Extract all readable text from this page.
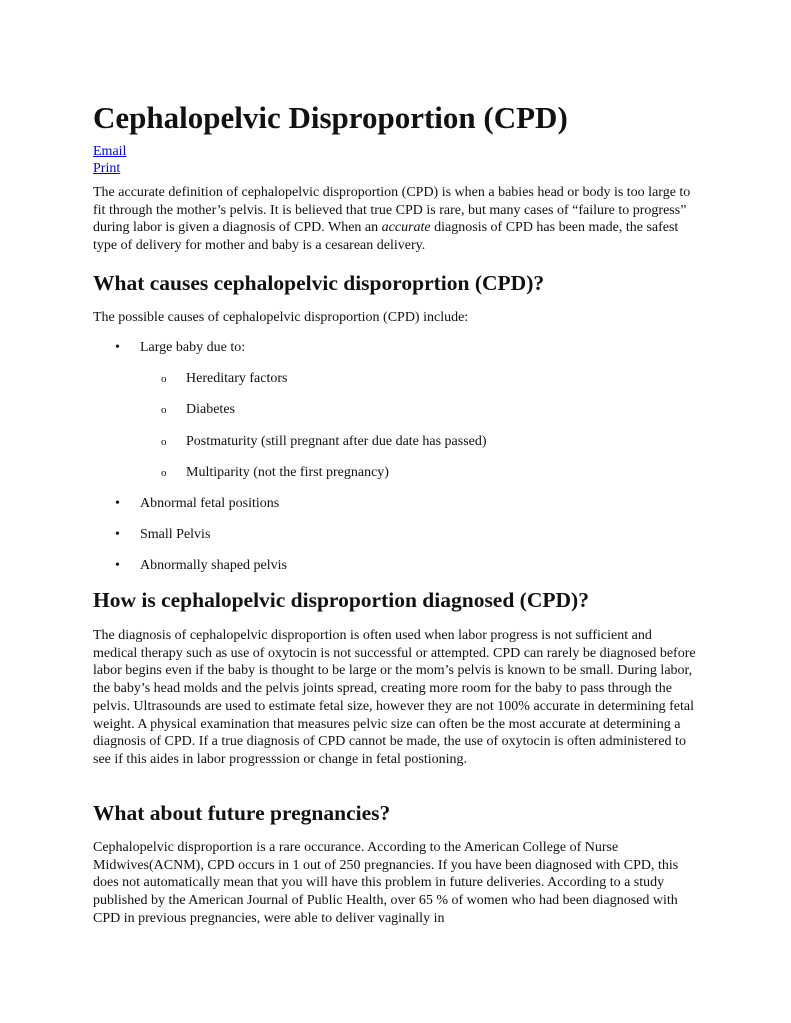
Cephalopelvic Disproportion (CPD)
Email
Print

The accurate definition of cephalopelvic disproportion (CPD) is when a babies head or body is too large to fit through the mother’s pelvis. It is believed that true CPD is rare, but many cases of “failure to progress” during labor is given a diagnosis of CPD. When an accurate diagnosis of CPD has been made, the safest type of delivery for mother and baby is a cesarean delivery.

What causes cephalopelvic disporoprtion (CPD)?

The possible causes of cephalopelvic disproportion (CPD) include:

• Large baby due to:
o Hereditary factors
o Diabetes
o Postmaturity (still pregnant after due date has passed)
o Multiparity (not the first pregnancy)
• Abnormal fetal positions
• Small Pelvis
• Abnormally shaped pelvis
How is cephalopelvic disproportion diagnosed (CPD)?

The diagnosis of cephalopelvic disproportion is often used when labor progress is not sufficient and medical therapy such as use of oxytocin is not successful or attempted. CPD can rarely be diagnosed before labor begins even if the baby is thought to be large or the mom’s pelvis is known to be small. During labor, the baby’s head molds and the pelvis joints spread, creating more room for the baby to pass through the pelvis. Ultrasounds are used to estimate fetal size, however they are not 100% accurate in determining fetal weight. A physical examination that measures pelvic size can often be the most accurate at determining a diagnosis of CPD. If a true diagnosis of CPD cannot be made, the use of oxytocin is often administered to see if this aides in labor progresssion or change in fetal postioning.

What about future pregnancies?

Cephalopelvic disproportion is a rare occurance. According to the American College of Nurse Midwives(ACNM), CPD occurs in 1 out of 250 pregnancies. If you have been diagnosed with CPD, this does not automatically mean that you will have this problem in future deliveries. According to a study published by the American Journal of Public Health, over 65 % of women who had been diagnosed with CPD in previous pregnancies, were able to deliver vaginally in
